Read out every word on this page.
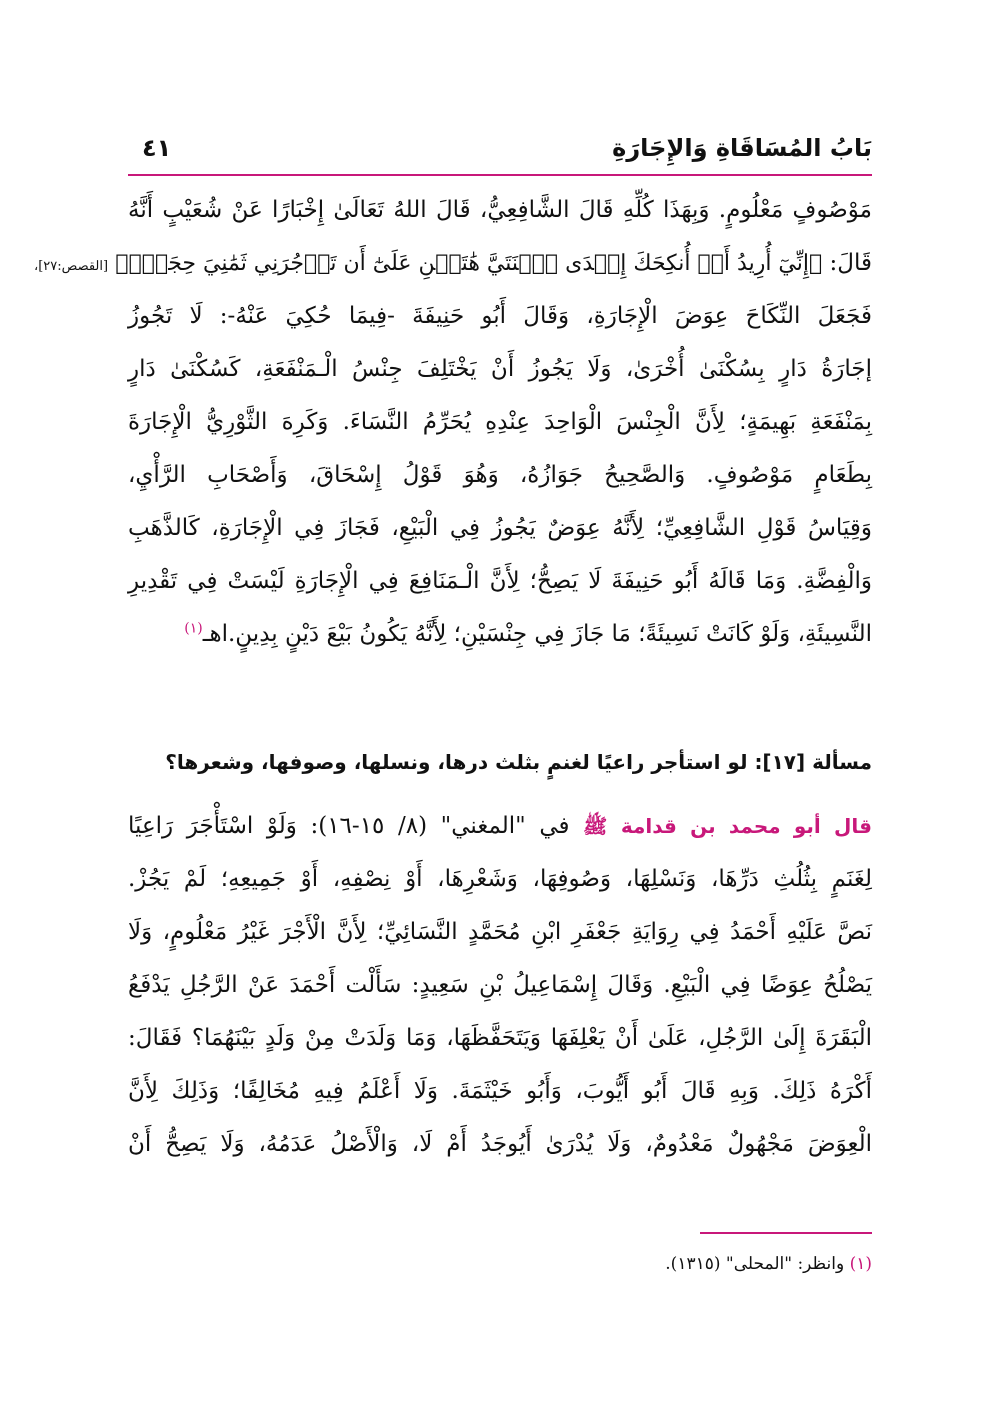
بَابُ المُسَاقَاةِ وَالإِجَارَةِ
٤١
مَوْصُوفٍ مَعْلُومٍ. وَبِهَذَا كُلِّهِ قَالَ الشَّافِعِيُّ، قَالَ اللهُ تَعَالَىٰ إِخْبَارًا عَنْ شُعَيْبٍ أَنَّهُ
قَالَ: ﴿إِنِّيٓ أُرِيدُ أَنۡ أُنكِحَكَ إِحۡدَى ٱبۡنَتَيَّ هَٰتَيۡنِ عَلَىٰٓ أَن تَأۡجُرَنِي ثَمَٰنِيَ حِجَجٖۖ﴾ [القصص:٢٧]،
فَجَعَلَ النِّكَاحَ عِوَضَ الْإِجَارَةِ، وَقَالَ أَبُو حَنِيفَةَ -فِيمَا حُكِيَ عَنْهُ-: لَا تَجُوزُ
إجَارَةُ دَارٍ بِسُكْنَىٰ أُخْرَىٰ، وَلَا يَجُوزُ أَنْ يَخْتَلِفَ جِنْسُ الْـمَنْفَعَةِ، كَسُكْنَىٰ دَارٍ
بِمَنْفَعَةِ بَهِيمَةٍ؛ لِأَنَّ الْجِنْسَ الْوَاحِدَ عِنْدِهِ يُحَرِّمُ النَّسَاءَ. وَكَرِهَ الثَّوْرِيُّ الْإِجَارَةَ
بِطَعَامٍ مَوْصُوفٍ. وَالصَّحِيحُ جَوَازُهُ، وَهُوَ قَوْلُ إِسْحَاقَ، وَأَصْحَابِ الرَّأْيِ،
وَقِيَاسُ قَوْلِ الشَّافِعِيِّ؛ لِأَنَّهُ عِوَضٌ يَجُوزُ فِي الْبَيْعِ، فَجَازَ فِي الْإِجَارَةِ، كَالذَّهَبِ
وَالْفِضَّةِ. وَمَا قَالَهُ أَبُو حَنِيفَةَ لَا يَصِحُّ؛ لِأَنَّ الْـمَنَافِعَ فِي الْإِجَارَةِ لَيْسَتْ فِي تَقْدِيرِ
النَّسِيئَةِ، وَلَوْ كَانَتْ نَسِيئَةً؛ مَا جَازَ فِي جِنْسَيْنِ؛ لِأَنَّهُ يَكُونُ بَيْعَ دَيْنٍ بِدِينٍ.اهـ$^{(١)}$
مسألة [١٧]: لو استأجر راعيًا لغنمٍ بثلث درها، ونسلها، وصوفها، وشعرها؟
قال أبو محمد بن قدامة ﷺ في "المغني" (٨/ ١٥-١٦): وَلَوْ اسْتَأْجَرَ رَاعِيًا
لِغَنَمٍ بِثُلُثِ دَرِّهَا، وَنَسْلِهَا، وَصُوفِهَا، وَشَعْرِهَا، أَوْ نِصْفِهِ، أَوْ جَمِيعِهِ؛ لَمْ يَجُزْ.
نَصَّ عَلَيْهِ أَحْمَدُ فِي رِوَايَةِ جَعْفَرِ ابْنِ مُحَمَّدٍ النَّسَائِيِّ؛ لِأَنَّ الْأَجْرَ غَيْرُ مَعْلُومٍ، وَلَا
يَصْلُحُ عِوَضًا فِي الْبَيْعِ. وَقَالَ إِسْمَاعِيلُ بْنِ سَعِيدٍ: سَأَلْت أَحْمَدَ عَنْ الرَّجُلِ يَدْفَعُ
الْبَقَرَةَ إِلَىٰ الرَّجُلِ، عَلَىٰ أَنْ يَعْلِفَهَا وَيَتَحَفَّظَهَا، وَمَا وَلَدَتْ مِنْ وَلَدٍ بَيْنَهُمَا؟ فَقَالَ:
أَكْرَهُ ذَلِكَ. وَبِهِ قَالَ أَبُو أَيُّوبَ، وَأَبُو خَيْثَمَةَ. وَلَا أَعْلَمُ فِيهِ مُخَالِفًا؛ وَذَلِكَ لِأَنَّ
الْعِوَضَ مَجْهُولٌ مَعْدُومٌ، وَلَا يُدْرَىٰ أَيُوجَدُ أَمْ لَا، وَالْأَصْلُ عَدَمُهُ، وَلَا يَصِحُّ أَنْ
(١) وانظر: "المحلى" (١٣١٥).
